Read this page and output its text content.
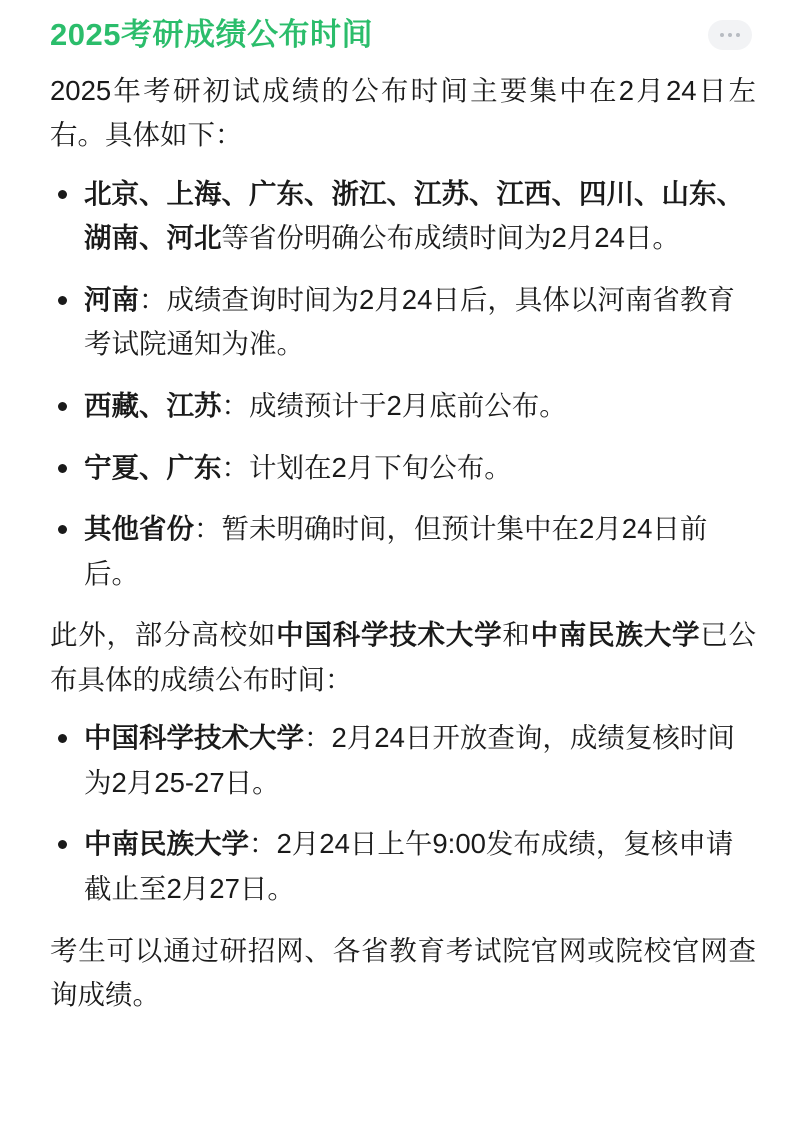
2025考研成绩公布时间

2025年考研初试成绩的公布时间主要集中在2月24日左右。具体如下：

北京、上海、广东、浙江、江苏、江西、四川、山东、湖南、河北等省份明确公布成绩时间为2月24日。
河南：成绩查询时间为2月24日后，具体以河南省教育考试院通知为准。
西藏、江苏：成绩预计于2月底前公布。
宁夏、广东：计划在2月下旬公布。
其他省份：暂未明确时间，但预计集中在2月24日前后。

此外，部分高校如中国科学技术大学和中南民族大学已公布具体的成绩公布时间：

中国科学技术大学：2月24日开放查询，成绩复核时间为2月25-27日。
中南民族大学：2月24日上午9:00发布成绩，复核申请截止至2月27日。

考生可以通过研招网、各省教育考试院官网或院校官网查询成绩。
